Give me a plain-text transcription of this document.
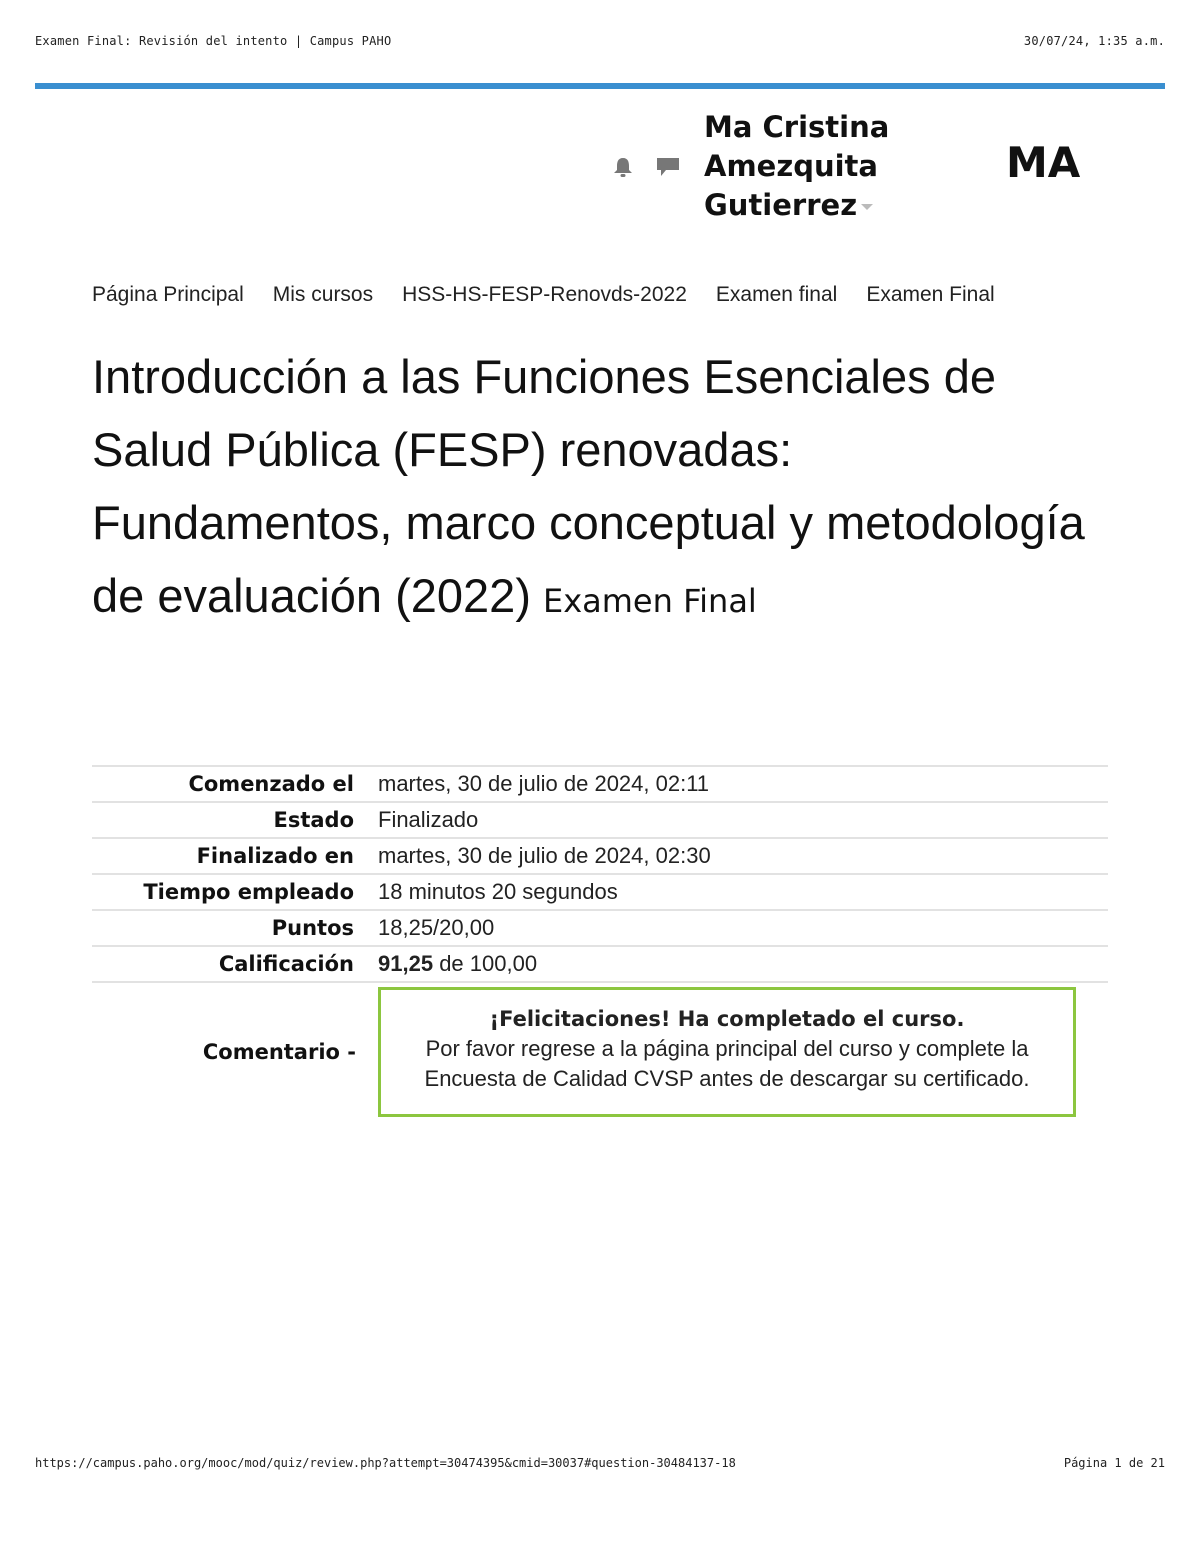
Examen Final: Revisión del intento | Campus PAHO	30/07/24, 1:35 a.m.
Ma Cristina Amezquita Gutierrez
MA
Página Principal Mis cursos HSS-HS-FESP-Renovds-2022 Examen final Examen Final
Introducción a las Funciones Esenciales de Salud Pública (FESP) renovadas: Fundamentos, marco conceptual y metodología de evaluación (2022) Examen Final
Comenzado el	martes, 30 de julio de 2024, 02:11
Estado	Finalizado
Finalizado en	martes, 30 de julio de 2024, 02:30
Tiempo empleado	18 minutos 20 segundos
Puntos	18,25/20,00
Calificación	91,25 de 100,00
Comentario -	¡Felicitaciones! Ha completado el curso.
Por favor regrese a la página principal del curso y complete la Encuesta de Calidad CVSP antes de descargar su certificado.
https://campus.paho.org/mooc/mod/quiz/review.php?attempt=30474395&cmid=30037#question-30484137-18	Página 1 de 21
